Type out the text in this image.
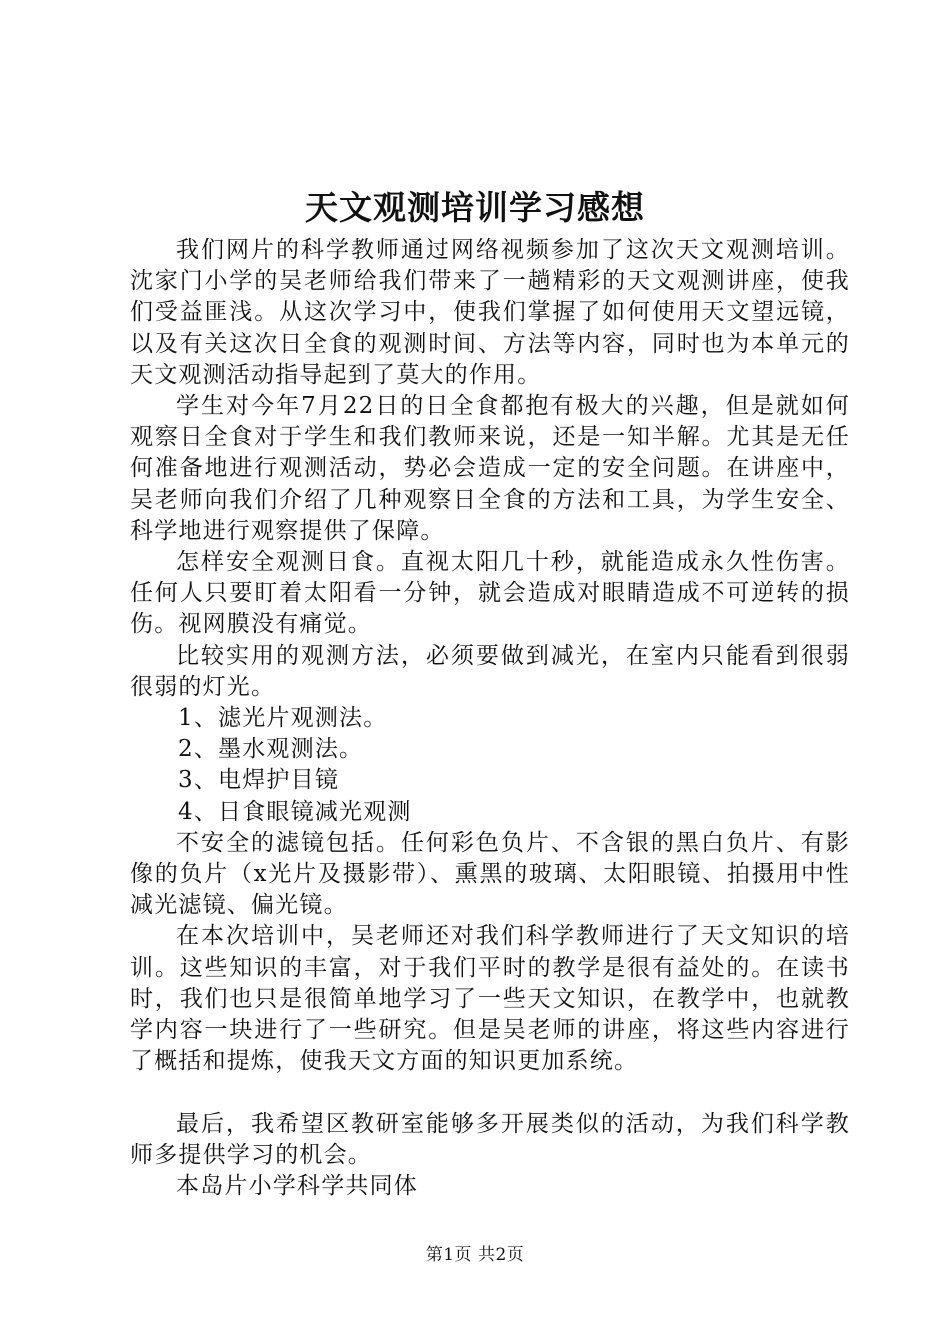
天文观测培训学习感想

我们网片的科学教师通过网络视频参加了这次天文观测培训。沈家门小学的吴老师给我们带来了一趟精彩的天文观测讲座，使我们受益匪浅。从这次学习中，使我们掌握了如何使用天文望远镜，以及有关这次日全食的观测时间、方法等内容，同时也为本单元的天文观测活动指导起到了莫大的作用。

学生对今年7月22日的日全食都抱有极大的兴趣，但是就如何观察日全食对于学生和我们教师来说，还是一知半解。尤其是无任何准备地进行观测活动，势必会造成一定的安全问题。在讲座中，吴老师向我们介绍了几种观察日全食的方法和工具，为学生安全、科学地进行观察提供了保障。

怎样安全观测日食。直视太阳几十秒，就能造成永久性伤害。任何人只要盯着太阳看一分钟，就会造成对眼睛造成不可逆转的损伤。视网膜没有痛觉。

比较实用的观测方法，必须要做到减光，在室内只能看到很弱很弱的灯光。

1、滤光片观测法。

2、墨水观测法。

3、电焊护目镜

4、日食眼镜减光观测

不安全的滤镜包括。任何彩色负片、不含银的黑白负片、有影像的负片（x光片及摄影带）、熏黑的玻璃、太阳眼镜、拍摄用中性减光滤镜、偏光镜。

在本次培训中，吴老师还对我们科学教师进行了天文知识的培训。这些知识的丰富，对于我们平时的教学是很有益处的。在读书时，我们也只是很简单地学习了一些天文知识，在教学中，也就教学内容一块进行了一些研究。但是吴老师的讲座，将这些内容进行了概括和提炼，使我天文方面的知识更加系统。

最后，我希望区教研室能够多开展类似的活动，为我们科学教师多提供学习的机会。

本岛片小学科学共同体

第1页 共2页
